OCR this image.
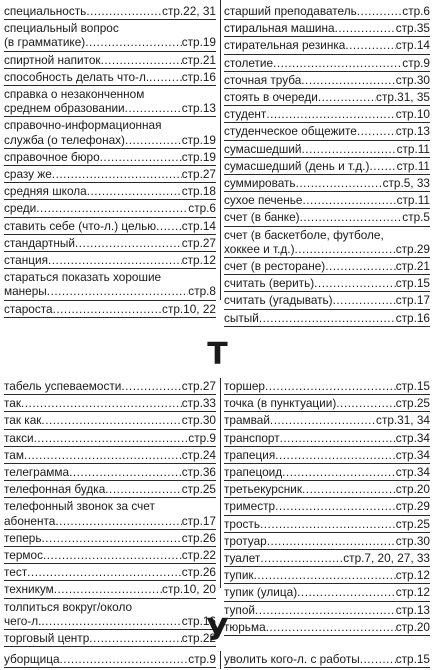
специальность .....	стр.22, 31
специальный вопрос
(в грамматике) .....	стр.19
спиртной напиток .....	стр.21
способность делать что-л. .....	стр.16
справка о незаконченном
среднем образовании .....	стр.13
справочно-информационная
служба (о телефонах) .....	стр.19
справочное бюро .....	стр.19
сразу же .....	стр.27
средняя школа .....	стр.18
среди .....	стр.6
ставить себе (что-л.) целью ..... стр.14
стандартный .....	стр.27
станция .....	стр.12
стараться показать хорошие
манеры .....	стр.8
староста .....	стр.10, 22
старший преподаватель .....	стр.6
стиральная машина .....	стр.35
стирательная резинка .....	стр.14
столетие .....	стр.9
сточная труба .....	стр.30
стоять в очереди .....	стр.31, 35
студент .....	стр.10
студенческое общежите .....	стр.13
сумасшедший .....	стр.11
сумасшедший (день и т.д.) ..... стр.11
суммировать .....	стр.5, 33
сухое печенье .....	стр.11
счет (в банке) .....	стр.5
счет (в баскетболе, футболе,
хоккее и т.д.) .....	стр.29
счет (в ресторане) .....	стр.21
считать (верить) .....	стр.15
считать (угадывать) .....	стр.17
сытый .....	стр.16
Т
табель успеваемости .....	стр.27
так .....	стр.33
так как .....	стр.30
такси .....	стр.9
там .....	стр.24
телеграмма .....	стр.36
телефонная будка .....	стр.25
телефонный звонок за счет
абонента .....	стр.17
теперь .....	стр.26
термос .....	стр.22
тест .....	стр.26
техникум .....	стр.10, 20
толпиться вокруг/около
чего-л. .....	стр.16
торговый центр .....	стр.22
торшер .....	стр.15
точка (в пунктуации) .....	стр.25
трамвай .....	стр.31, 34
транспорт .....	стр.34
трапеция .....	стр.34
трапецоид .....	стр.34
третьекурсник .....	стр.20
триместр .....	стр.29
трость .....	стр.25
тротуар .....	стр.30
туалет .....	стр.7, 20, 27, 33
тупик .....	стр.12
тупик (улица) .....	стр.12
тупой .....	стр.13
тюрьма .....	стр.20
У
уборщица .....	стр.9 уволить кого-л. с работы .....	стр.15
